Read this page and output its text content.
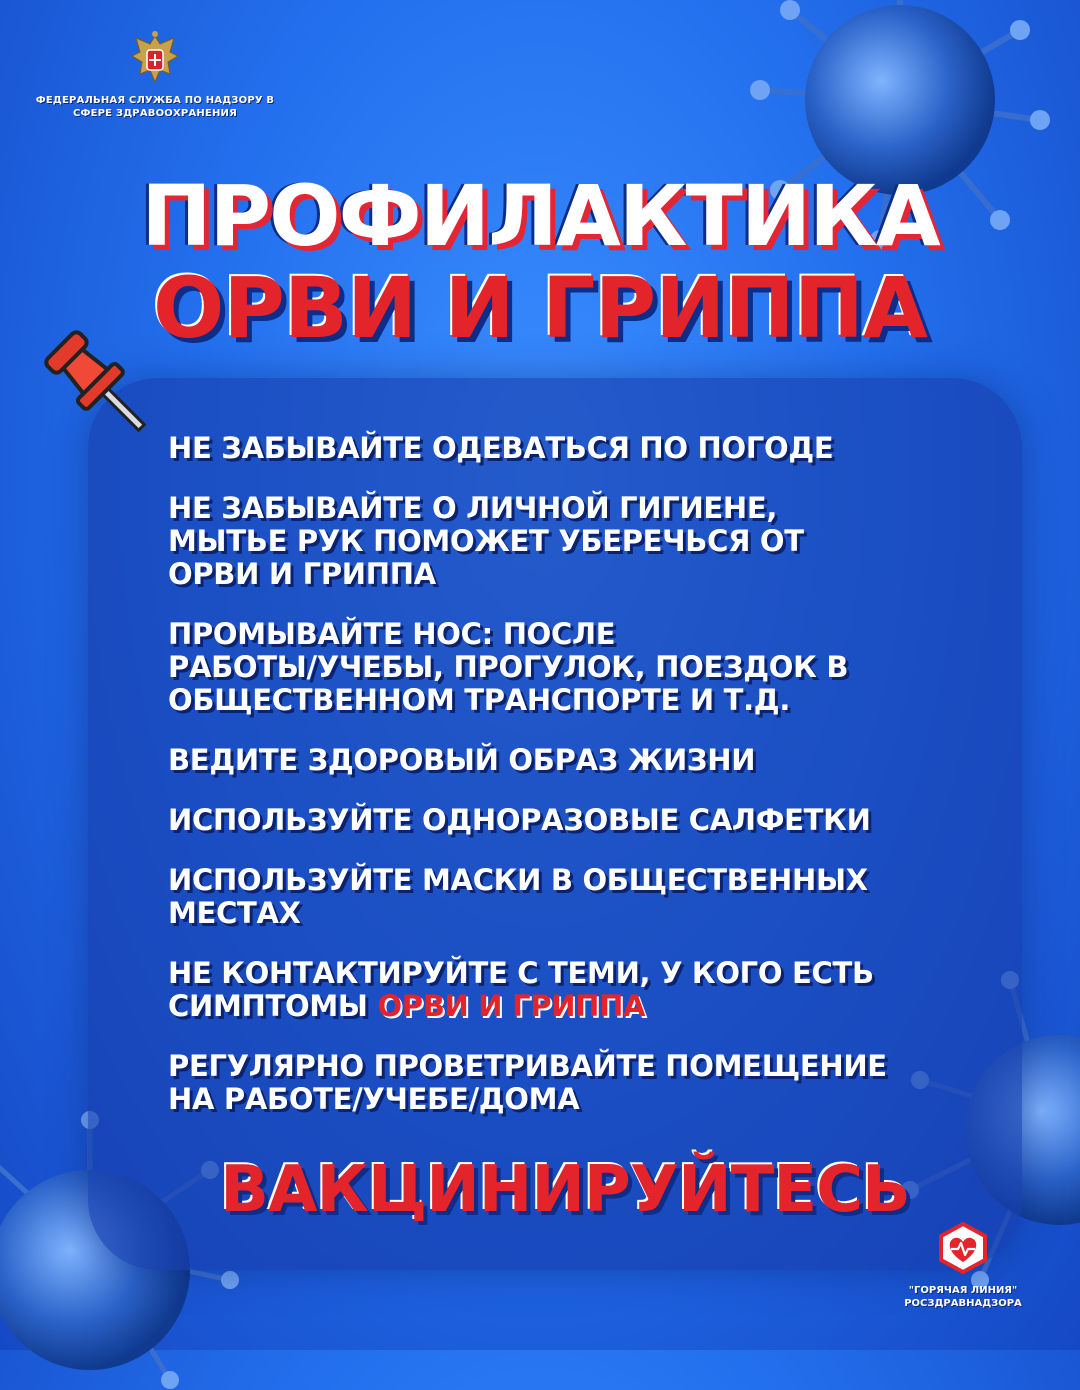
ФЕДЕРАЛЬНАЯ СЛУЖБА ПО НАДЗОРУ В СФЕРЕ ЗДРАВООХРАНЕНИЯ
ПРОФИЛАКТИКА
ОРВИ И ГРИППА
НЕ ЗАБЫВАЙТЕ ОДЕВАТЬСЯ ПО ПОГОДЕ
НЕ ЗАБЫВАЙТЕ О ЛИЧНОЙ ГИГИЕНЕ,
МЫТЬЕ РУК ПОМОЖЕТ УБЕРЕЧЬСЯ ОТ
ОРВИ И ГРИППА
ПРОМЫВАЙТЕ НОС: ПОСЛЕ
РАБОТЫ/УЧЕБЫ, ПРОГУЛОК, ПОЕЗДОК В
ОБЩЕСТВЕННОМ ТРАНСПОРТЕ И Т.Д.
ВЕДИТЕ ЗДОРОВЫЙ ОБРАЗ ЖИЗНИ
ИСПОЛЬЗУЙТЕ ОДНОРАЗОВЫЕ САЛФЕТКИ
ИСПОЛЬЗУЙТЕ МАСКИ В ОБЩЕСТВЕННЫХ
МЕСТАХ
НЕ КОНТАКТИРУЙТЕ С ТЕМИ, У КОГО ЕСТЬ
СИМПТОМЫ ОРВИ И ГРИППА
РЕГУЛЯРНО ПРОВЕТРИВАЙТЕ ПОМЕЩЕНИЕ
НА РАБОТЕ/УЧЕБЕ/ДОМА
ВАКЦИНИРУЙТЕСЬ
"ГОРЯЧАЯ ЛИНИЯ"
РОСЗДРАВНАДЗОРА
